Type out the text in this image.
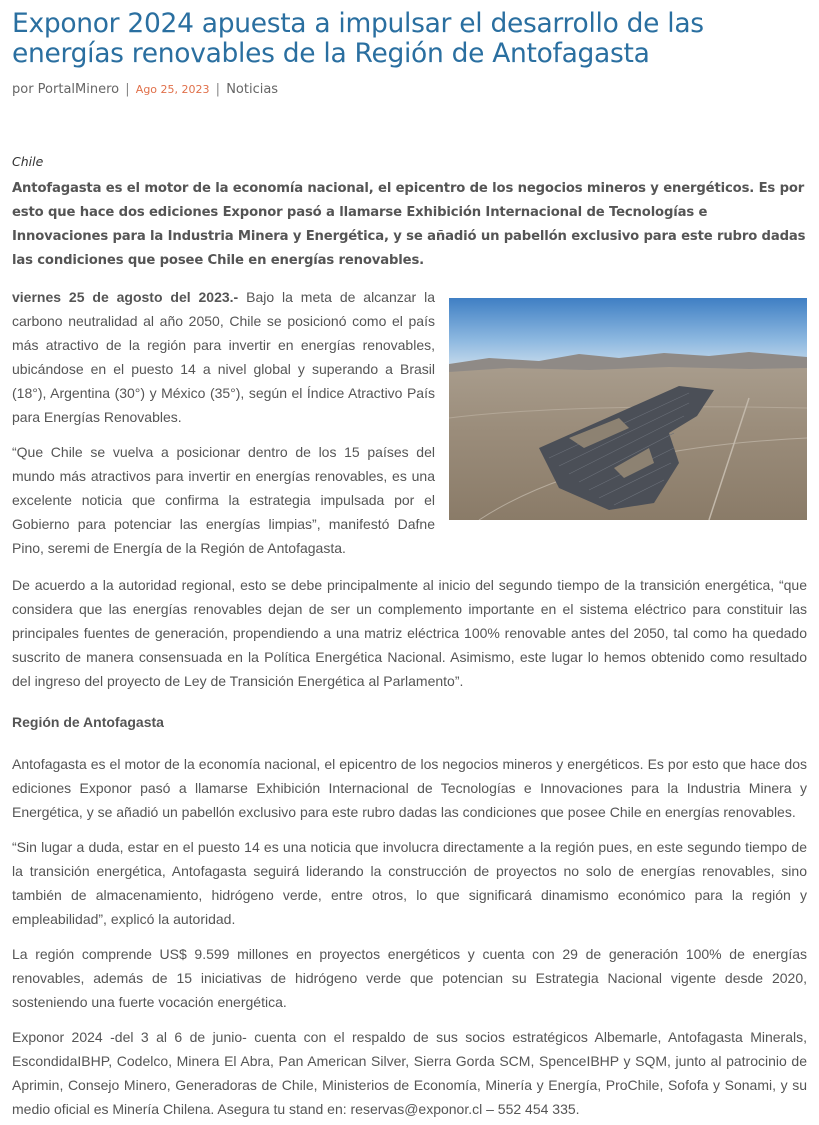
Exponor 2024 apuesta a impulsar el desarrollo de las energías renovables de la Región de Antofagasta
por PortalMinero | Ago 25, 2023 | Noticias
Chile
Antofagasta es el motor de la economía nacional, el epicentro de los negocios mineros y energéticos. Es por esto que hace dos ediciones Exponor pasó a llamarse Exhibición Internacional de Tecnologías e Innovaciones para la Industria Minera y Energética, y se añadió un pabellón exclusivo para este rubro dadas las condiciones que posee Chile en energías renovables.

viernes 25 de agosto del 2023.- Bajo la meta de alcanzar la carbono neutralidad al año 2050, Chile se posicionó como el país más atractivo de la región para invertir en energías renovables, ubicándose en el puesto 14 a nivel global y superando a Brasil (18°), Argentina (30°) y México (35°), según el Índice Atractivo País para Energías Renovables.

“Que Chile se vuelva a posicionar dentro de los 15 países del mundo más atractivos para invertir en energías renovables, es una excelente noticia que confirma la estrategia impulsada por el Gobierno para potenciar las energías limpias”, manifestó Dafne Pino, seremi de Energía de la Región de Antofagasta.

De acuerdo a la autoridad regional, esto se debe principalmente al inicio del segundo tiempo de la transición energética, “que considera que las energías renovables dejan de ser un complemento importante en el sistema eléctrico para constituir las principales fuentes de generación, propendiendo a una matriz eléctrica 100% renovable antes del 2050, tal como ha quedado suscrito de manera consensuada en la Política Energética Nacional. Asimismo, este lugar lo hemos obtenido como resultado del ingreso del proyecto de Ley de Transición Energética al Parlamento”.

Región de Antofagasta

Antofagasta es el motor de la economía nacional, el epicentro de los negocios mineros y energéticos. Es por esto que hace dos ediciones Exponor pasó a llamarse Exhibición Internacional de Tecnologías e Innovaciones para la Industria Minera y Energética, y se añadió un pabellón exclusivo para este rubro dadas las condiciones que posee Chile en energías renovables.

“Sin lugar a duda, estar en el puesto 14 es una noticia que involucra directamente a la región pues, en este segundo tiempo de la transición energética, Antofagasta seguirá liderando la construcción de proyectos no solo de energías renovables, sino también de almacenamiento, hidrógeno verde, entre otros, lo que significará dinamismo económico para la región y empleabilidad”, explicó la autoridad.

La región comprende US$ 9.599 millones en proyectos energéticos y cuenta con 29 de generación 100% de energías renovables, además de 15 iniciativas de hidrógeno verde que potencian su Estrategia Nacional vigente desde 2020, sosteniendo una fuerte vocación energética.

Exponor 2024 -del 3 al 6 de junio- cuenta con el respaldo de sus socios estratégicos Albemarle, Antofagasta Minerals, EscondidaIBHP, Codelco, Minera El Abra, Pan American Silver, Sierra Gorda SCM, SpenceIBHP y SQM, junto al patrocinio de Aprimin, Consejo Minero, Generadoras de Chile, Ministerios de Economía, Minería y Energía, ProChile, Sofofa y Sonami, y su medio oficial es Minería Chilena. Asegura tu stand en: reservas@exponor.cl – 552 454 335.
